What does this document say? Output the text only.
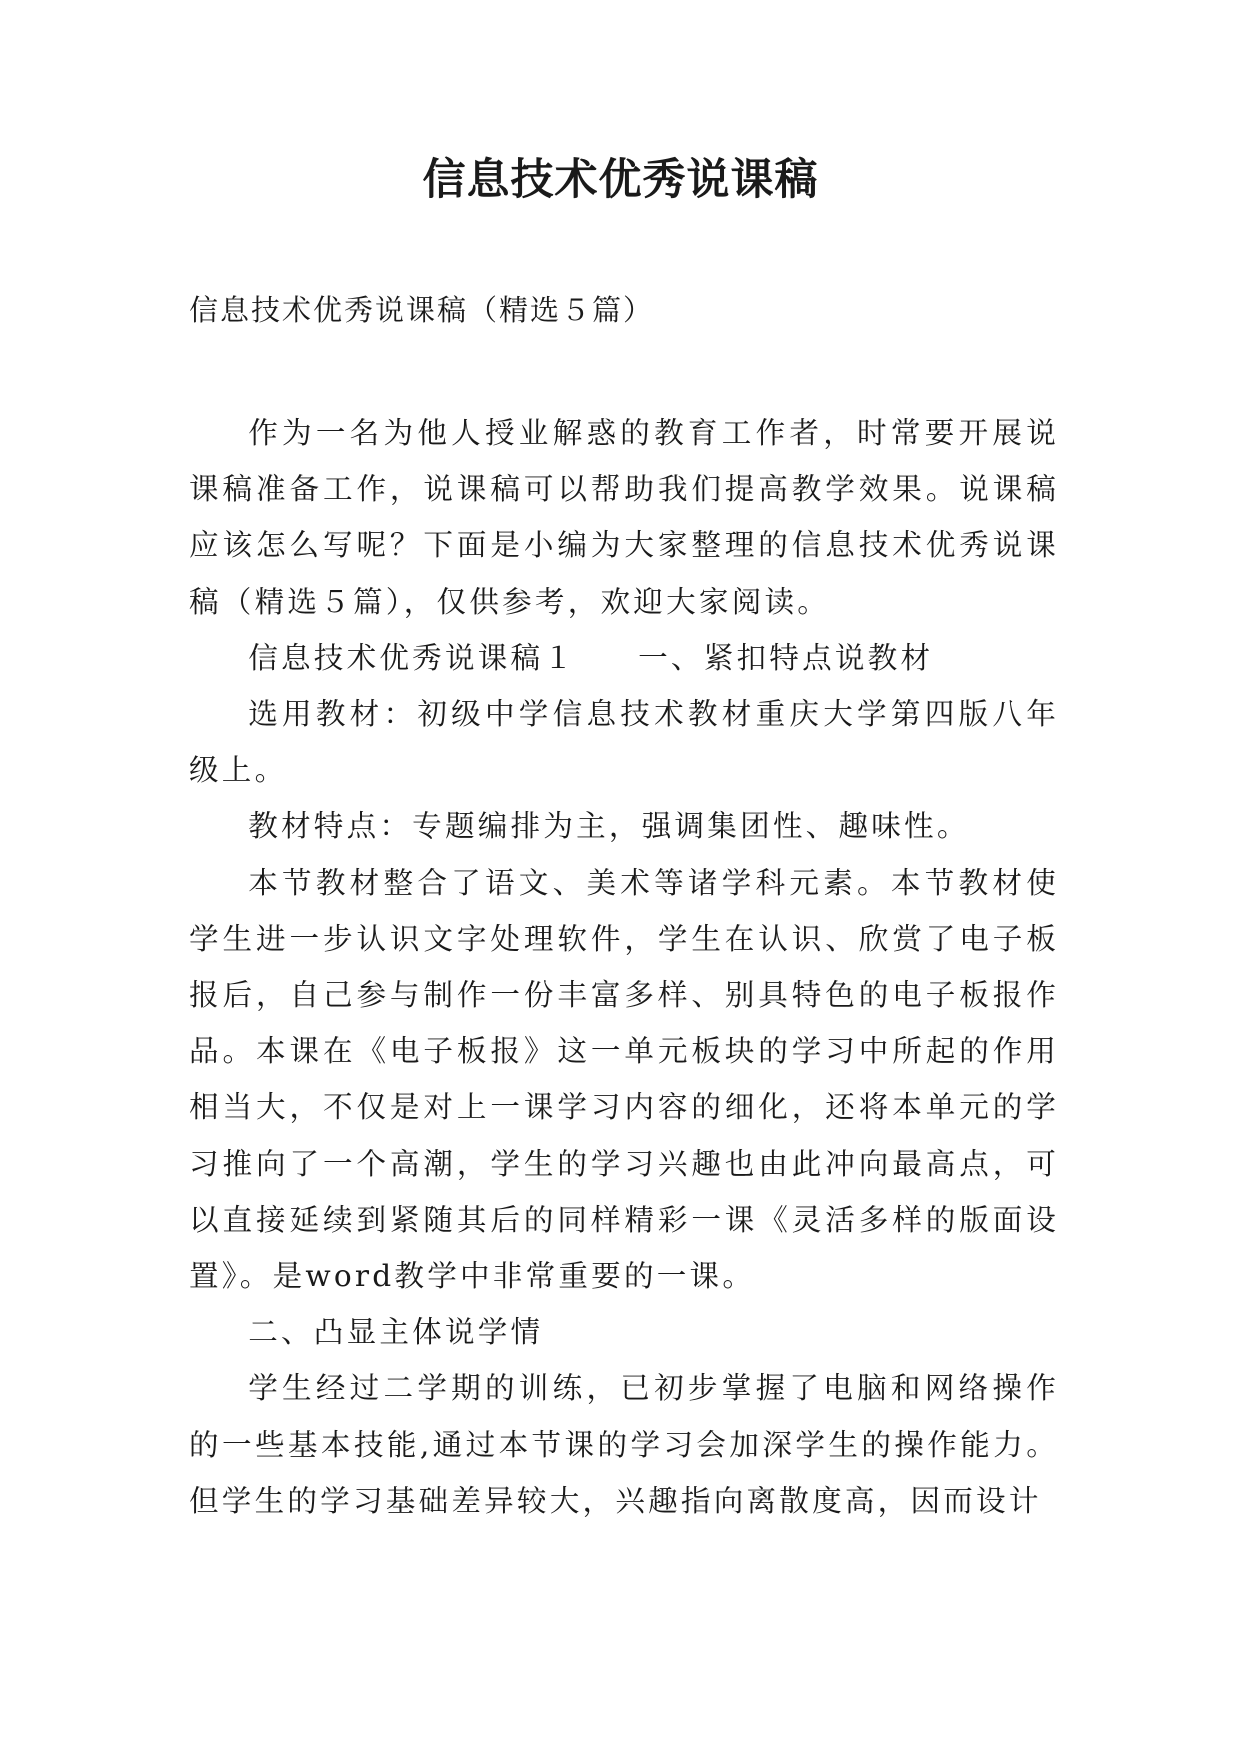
信息技术优秀说课稿

信息技术优秀说课稿（精选５篇）

作为一名为他人授业解惑的教育工作者，时常要开展说课稿准备工作，说课稿可以帮助我们提高教学效果。说课稿应该怎么写呢？下面是小编为大家整理的信息技术优秀说课稿（精选５篇），仅供参考，欢迎大家阅读。

信息技术优秀说课稿１ 一、紧扣特点说教材

选用教材：初级中学信息技术教材重庆大学第四版八年级上。

教材特点：专题编排为主，强调集团性、趣味性。

本节教材整合了语文、美术等诸学科元素。本节教材使学生进一步认识文字处理软件，学生在认识、欣赏了电子板报后，自己参与制作一份丰富多样、别具特色的电子板报作品。本课在《电子板报》这一单元板块的学习中所起的作用相当大，不仅是对上一课学习内容的细化，还将本单元的学习推向了一个高潮，学生的学习兴趣也由此冲向最高点，可以直接延续到紧随其后的同样精彩一课《灵活多样的版面设置》。是word教学中非常重要的一课。

二、凸显主体说学情

学生经过二学期的训练，已初步掌握了电脑和网络操作的一些基本技能,通过本节课的学习会加深学生的操作能力。但学生的学习基础差异较大，兴趣指向离散度高，因而设计
